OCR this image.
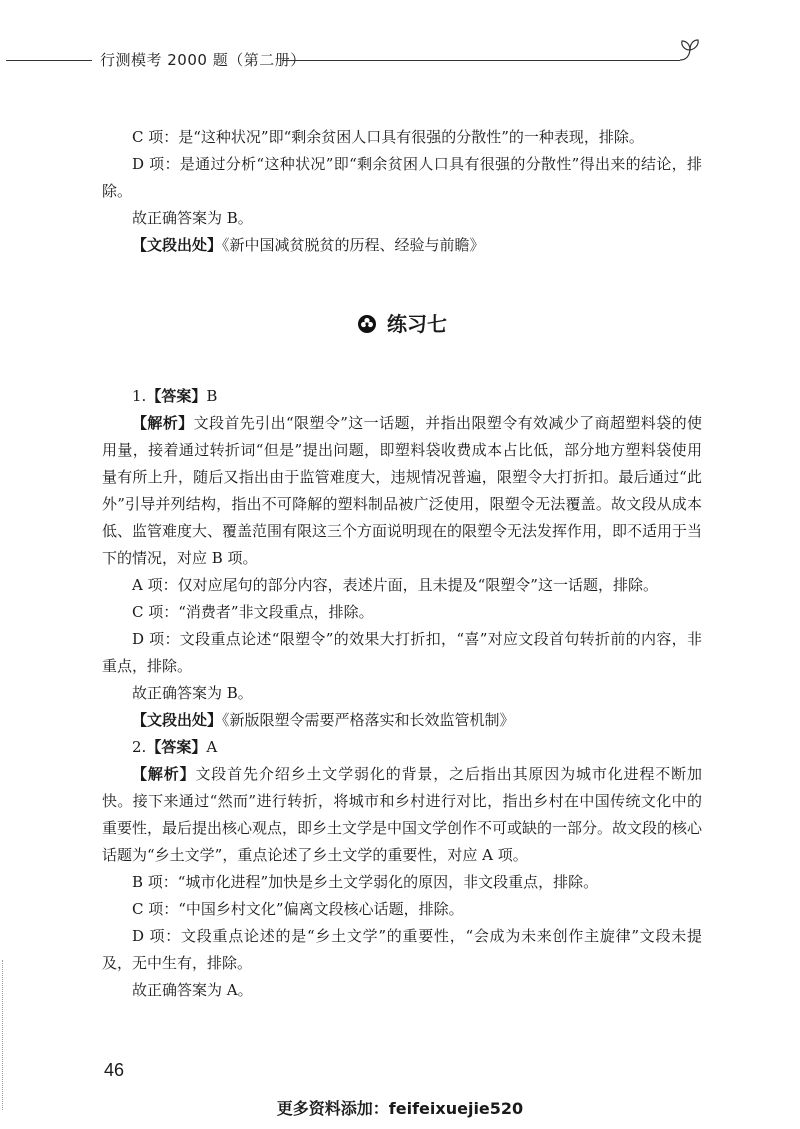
行测模考 2000 题（第二册）

C 项：是“这种状况”即“剩余贫困人口具有很强的分散性”的一种表现，排除。

D 项：是通过分析“这种状况”即“剩余贫困人口具有很强的分散性”得出来的结论，排除。

故正确答案为 B。

【文段出处】《新中国减贫脱贫的历程、经验与前瞻》

练习七

1.【答案】B

【解析】文段首先引出“限塑令”这一话题，并指出限塑令有效减少了商超塑料袋的使用量，接着通过转折词“但是”提出问题，即塑料袋收费成本占比低，部分地方塑料袋使用量有所上升，随后又指出由于监管难度大，违规情况普遍，限塑令大打折扣。最后通过“此外”引导并列结构，指出不可降解的塑料制品被广泛使用，限塑令无法覆盖。故文段从成本低、监管难度大、覆盖范围有限这三个方面说明现在的限塑令无法发挥作用，即不适用于当下的情况，对应 B 项。

A 项：仅对应尾句的部分内容，表述片面，且未提及“限塑令”这一话题，排除。

C 项：“消费者”非文段重点，排除。

D 项：文段重点论述“限塑令”的效果大打折扣，“喜”对应文段首句转折前的内容，非重点，排除。

故正确答案为 B。

【文段出处】《新版限塑令需要严格落实和长效监管机制》

2.【答案】A

【解析】文段首先介绍乡土文学弱化的背景，之后指出其原因为城市化进程不断加快。接下来通过“然而”进行转折，将城市和乡村进行对比，指出乡村在中国传统文化中的重要性，最后提出核心观点，即乡土文学是中国文学创作不可或缺的一部分。故文段的核心话题为“乡土文学”，重点论述了乡土文学的重要性，对应 A 项。

B 项：“城市化进程”加快是乡土文学弱化的原因，非文段重点，排除。

C 项：“中国乡村文化”偏离文段核心话题，排除。

D 项：文段重点论述的是“乡土文学”的重要性，“会成为未来创作主旋律”文段未提及，无中生有，排除。

故正确答案为 A。

46
更多资料添加：feifeixuejie520
